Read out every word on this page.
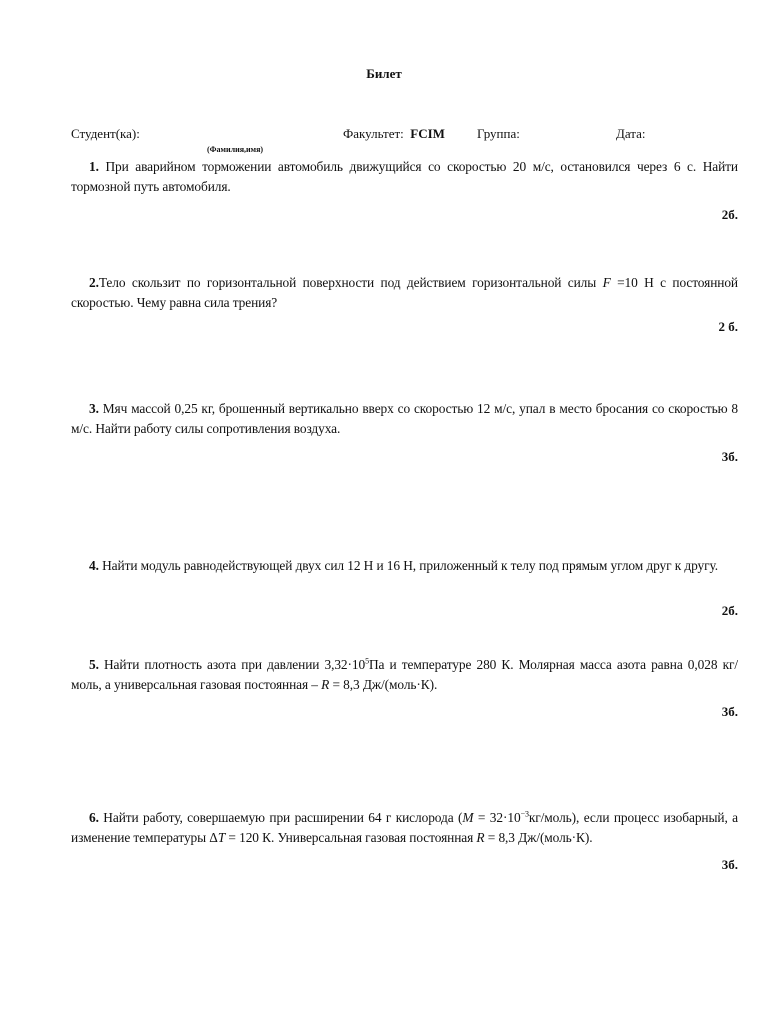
Билет
Студент(ка):
(Фамилия,имя)
Факультет: FCIM Группа:	Дата:
1. При аварийном торможении автомобиль движущийся со скоростью 20 м/с, остановился через 6 с. Найти тормозной путь автомобиля.
2б.
2.Тело скользит по горизонтальной поверхности под действием горизонтальной силы F =10 Н с постоянной скоростью. Чему равна сила трения?
2 б.
3. Мяч массой 0,25 кг, брошенный вертикально вверх со скоростью 12 м/с, упал в место бросания со скоростью 8 м/с. Найти работу силы сопротивления воздуха.
3б.
4. Найти модуль равнодействующей двух сил 12 Н и 16 Н, приложенный к телу под прямым углом друг к другу.
2б.
5. Найти плотность азота при давлении $3,32\cdot 10^5Па$ и температуре 280 К. Молярная масса азота равна 0,028 кг/моль, а универсальная газовая постоянная – R = 8,3 Дж/(моль·К).
3б.
6. Найти работу, совершаемую при расширении 64 г кислорода $(M = 32\cdot 10^{-3}кг/моль)$, если процесс изобарный, а изменение температуры ΔT = 120 К. Универсальная газовая постоянная R = 8,3 Дж/(моль·К).
3б.
